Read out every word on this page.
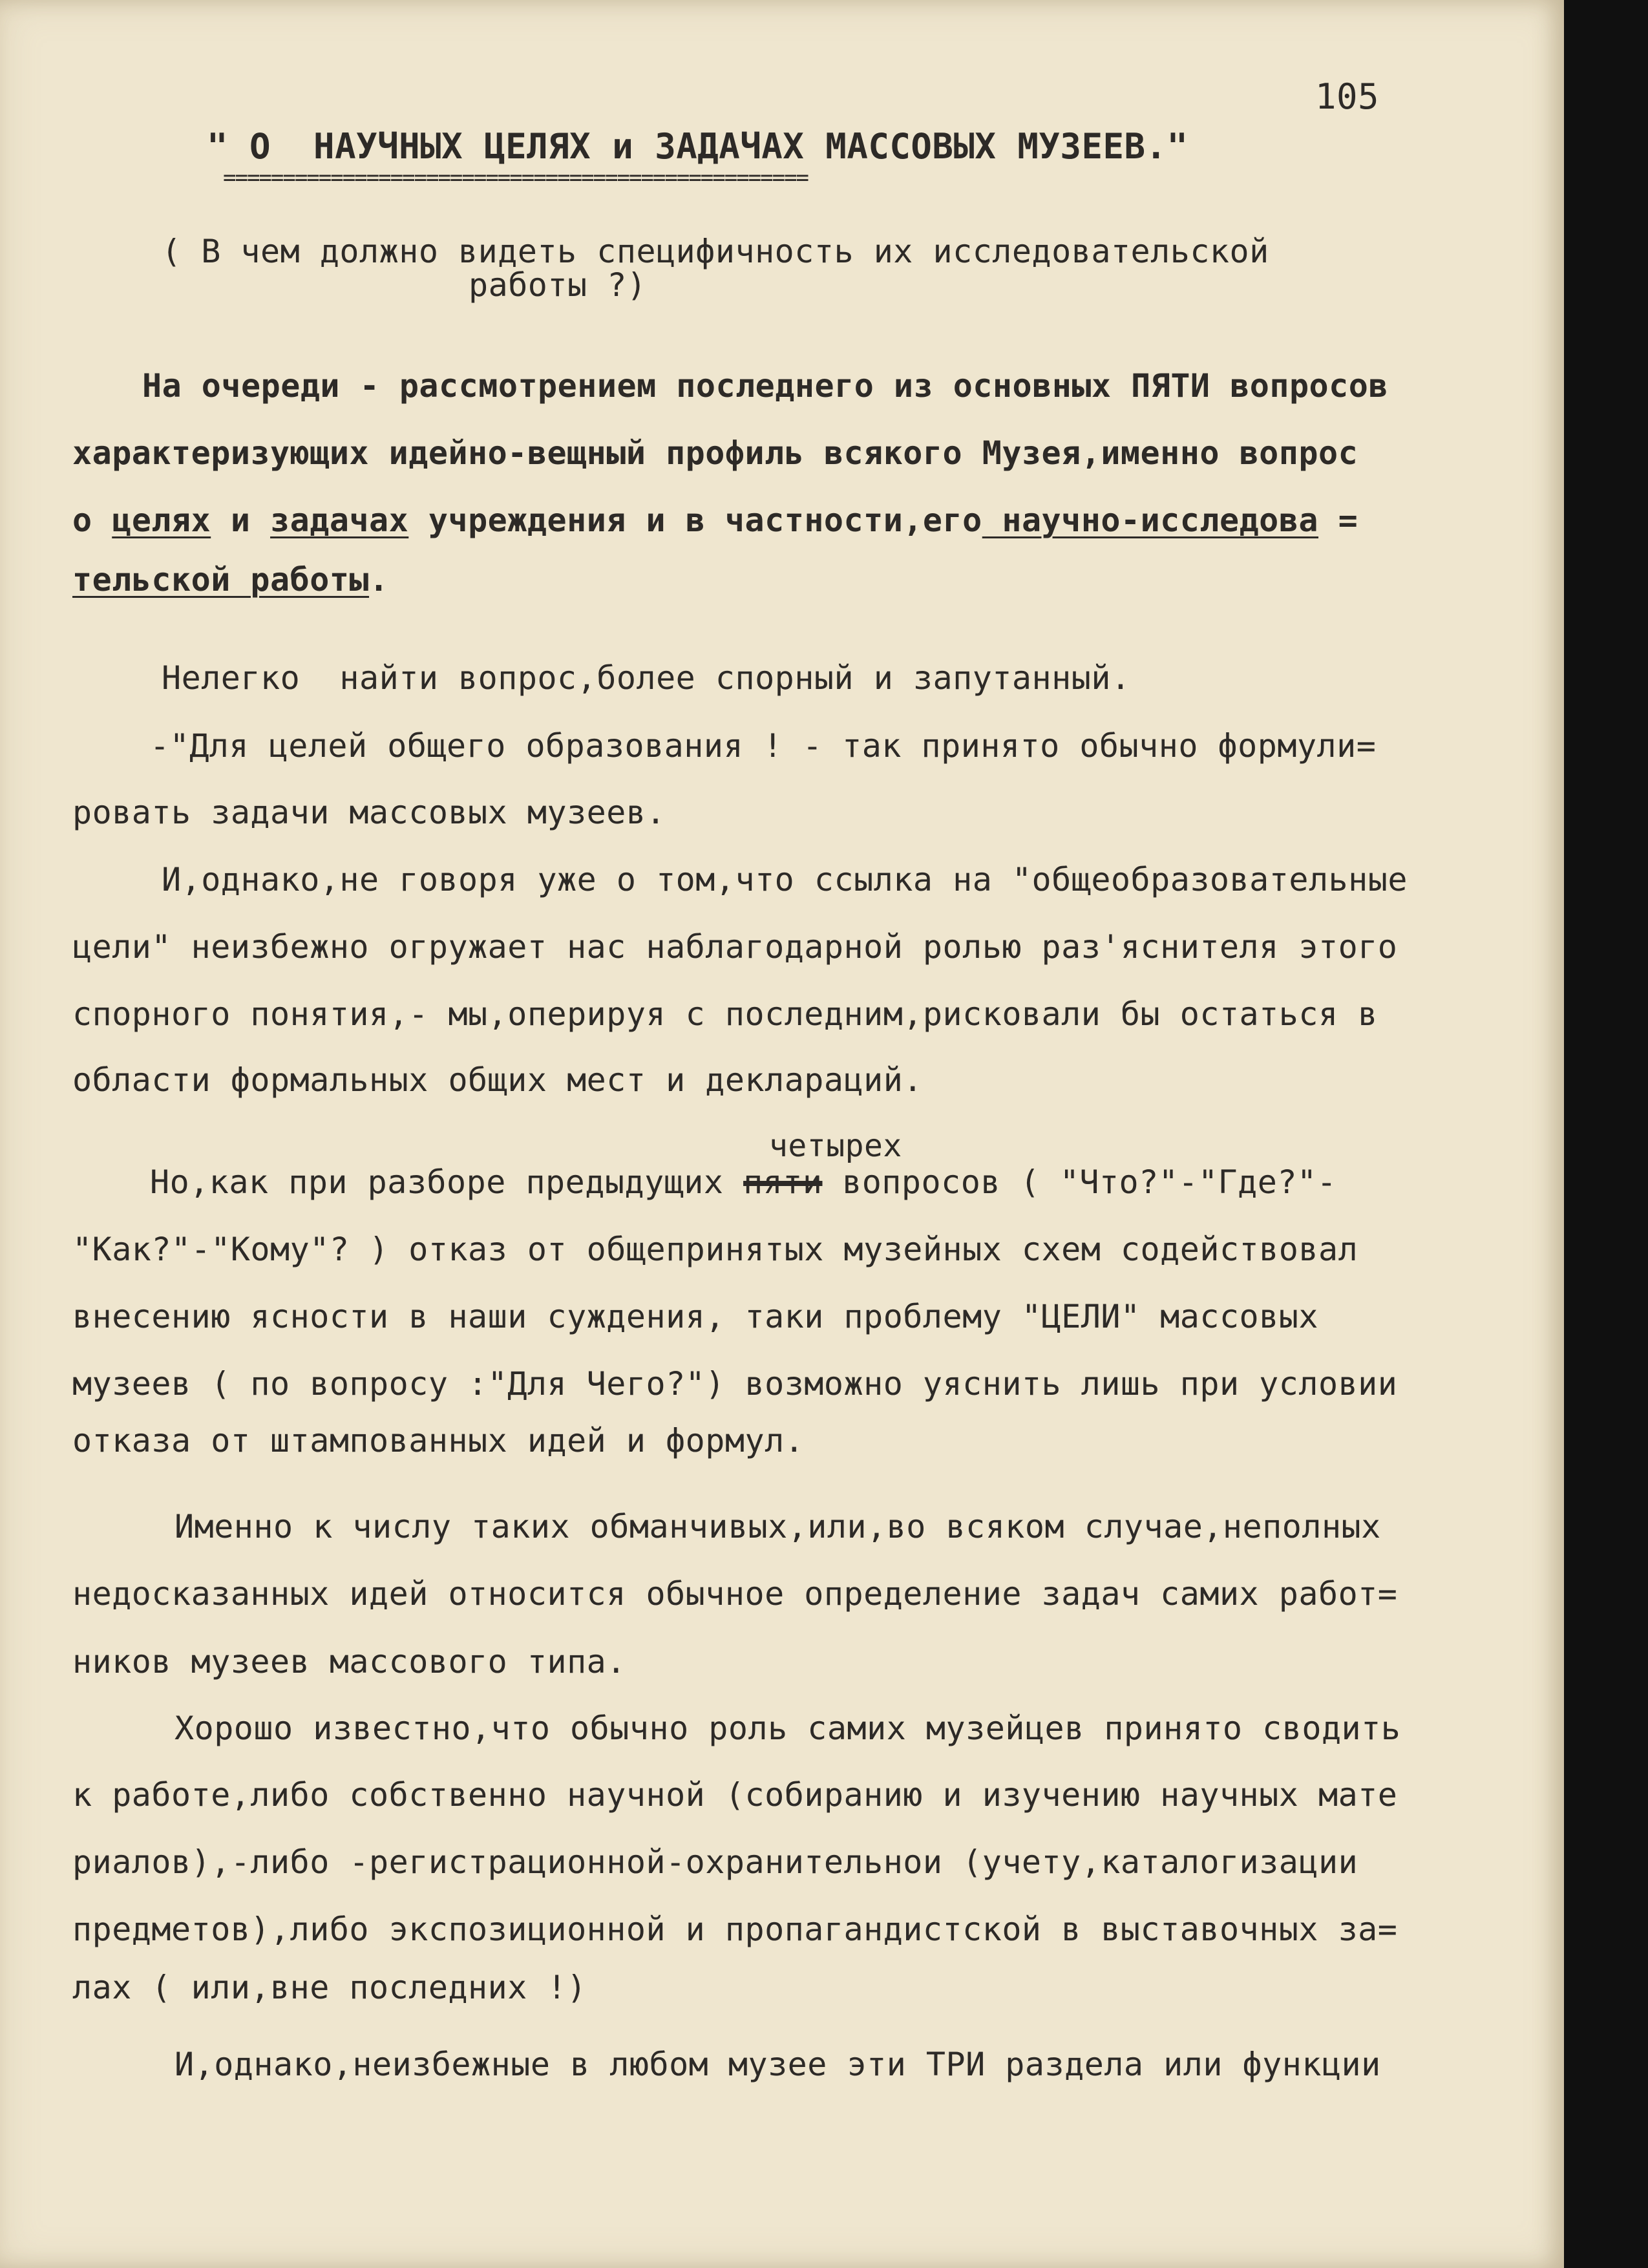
105
" О  НАУЧНЫХ ЦЕЛЯХ и ЗАДАЧАХ МАССОВЫХ МУЗЕЕВ."
=================================================
( В чем должно видеть специфичность их исследовательской
работы ?)
На очереди - рассмотрением последнего из основных ПЯТИ вопросов
характеризующих идейно-вещный профиль всякого Музея,именно вопрос
о целях и задачах учреждения и в частности,его научно-исследова =
тельской работы.
Нелегко  найти вопрос,более спорный и запутанный.
-"Для целей общего образования ! - так принято обычно формули=
ровать задачи массовых музеев.
И,однако,не говоря уже о том,что ссылка на "общеобразовательные
цели" неизбежно огружает нас наблагодарной ролью раз'яснителя этого
спорного понятия,- мы,оперируя с последним,рисковали бы остаться в
области формальных общих мест и деклараций.
четырех
Но,как при разборе предыдущих пяти вопросов ( "Что?"-"Где?"-
"Как?"-"Кому"? ) отказ от общепринятых музейных схем содействовал
внесению ясности в наши суждения, таки проблему "ЦЕЛИ" массовых
музеев ( по вопросу :"Для Чего?") возможно уяснить лишь при условии
отказа от штампованных идей и формул.
Именно к числу таких обманчивых,или,во всяком случае,неполных
недосказанных идей относится обычное определение задач самих работ=
ников музеев массового типа.
Хорошо известно,что обычно роль самих музейцев принято сводить
к работе,либо собственно научной (собиранию и изучению научных мате
риалов),-либо -регистрационной-охранительнои (учету,каталогизации
предметов),либо экспозиционной и пропагандистской в выставочных за=
лах ( или,вне последних !)
И,однако,неизбежные в любом музее эти ТРИ раздела или функции
